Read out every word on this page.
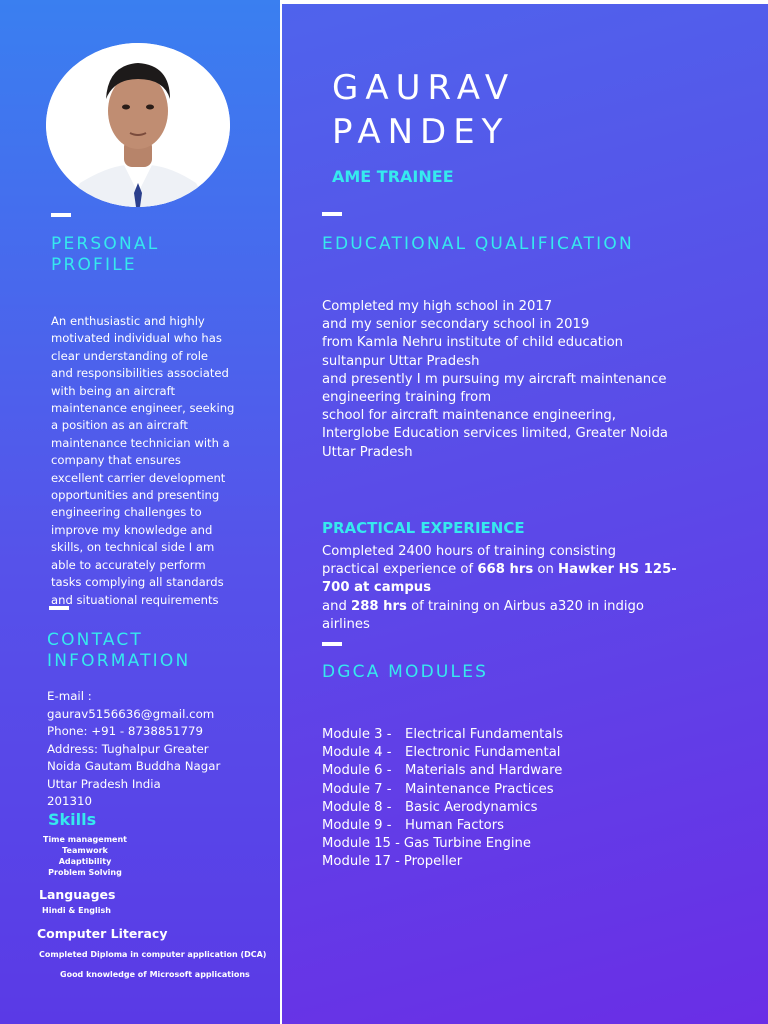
PERSONAL
PROFILE
An enthusiastic and highly
motivated individual who has
clear understanding of role
and responsibilities associated
with being an aircraft
maintenance engineer, seeking
a position as an aircraft
maintenance technician with a
company that ensures
excellent carrier development
opportunities and presenting
engineering challenges to
improve my knowledge and
skills, on technical side I am
able to accurately perform
tasks complying all standards
and situational requirements
CONTACT
INFORMATION
E-mail :
gaurav5156636@gmail.com
Phone: +91 - 8738851779
Address: Tughalpur Greater
Noida Gautam Buddha Nagar
Uttar Pradesh India
201310
Skills
Time management
Teamwork
Adaptibility
Problem Solving
Languages
Hindi & English
Computer Literacy
Completed Diploma in computer application (DCA)
Good knowledge of Microsoft applications
GAURAV
PANDEY
AME TRAINEE
EDUCATIONAL QUALIFICATION
Completed my high school in 2017
and my senior secondary school in 2019
from Kamla Nehru institute of child education
sultanpur Uttar Pradesh
and presently I m pursuing my aircraft maintenance
engineering training from
school for aircraft maintenance engineering,
Interglobe Education services limited, Greater Noida
Uttar Pradesh
PRACTICAL EXPERIENCE
Completed 2400 hours of training consisting
practical experience of 668 hrs on Hawker HS 125-
700 at campus
and 288 hrs of training on Airbus a320 in indigo
airlines
DGCA MODULES
Module 3 -	Electrical Fundamentals
Module 4 -	Electronic Fundamental
Module 6 -	Materials and Hardware
Module 7 -	Maintenance Practices
Module 8 -	Basic Aerodynamics
Module 9 -	Human Factors
Module 15 - Gas Turbine Engine
Module 17 - Propeller
